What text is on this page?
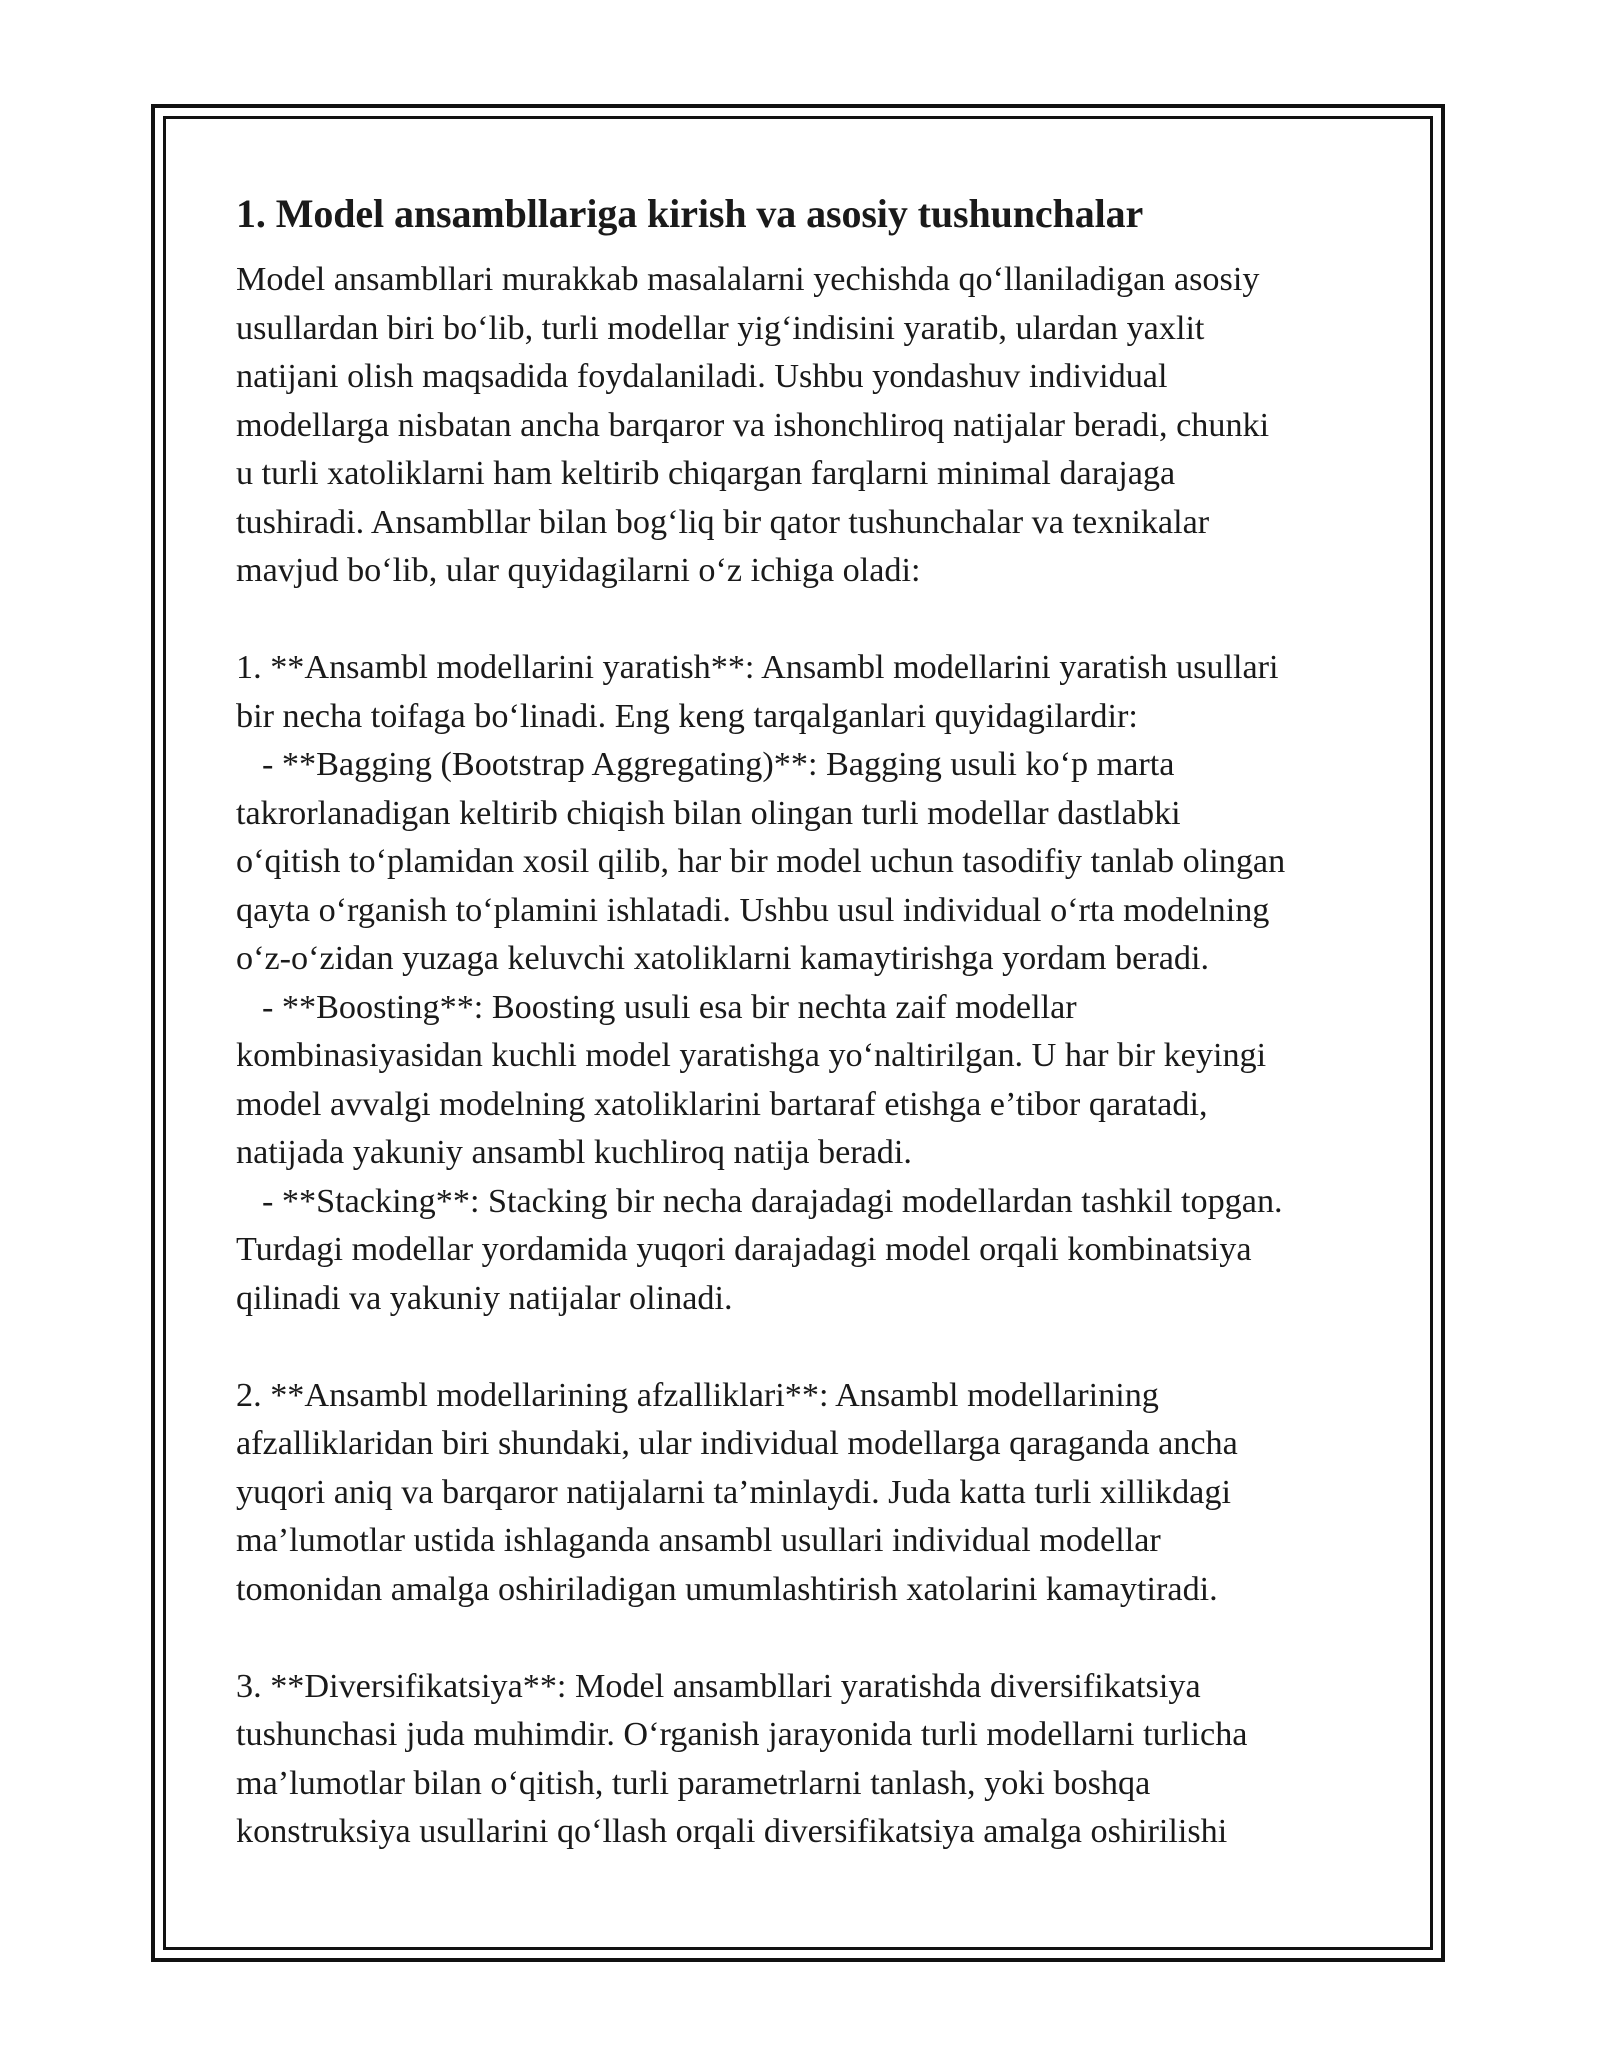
1. Model ansambllariga kirish va asosiy tushunchalar

Model ansambllari murakkab masalalarni yechishda qo‘llaniladigan asosiy
usullardan biri bo‘lib, turli modellar yig‘indisini yaratib, ulardan yaxlit
natijani olish maqsadida foydalaniladi. Ushbu yondashuv individual
modellarga nisbatan ancha barqaror va ishonchliroq natijalar beradi, chunki
u turli xatoliklarni ham keltirib chiqargan farqlarni minimal darajaga
tushiradi. Ansambllar bilan bog‘liq bir qator tushunchalar va texnikalar
mavjud bo‘lib, ular quyidagilarni o‘z ichiga oladi:

1. **Ansambl modellarini yaratish**: Ansambl modellarini yaratish usullari
bir necha toifaga bo‘linadi. Eng keng tarqalganlari quyidagilardir:
- **Bagging (Bootstrap Aggregating)**: Bagging usuli ko‘p marta
takrorlanadigan keltirib chiqish bilan olingan turli modellar dastlabki
o‘qitish to‘plamidan xosil qilib, har bir model uchun tasodifiy tanlab olingan
qayta o‘rganish to‘plamini ishlatadi. Ushbu usul individual o‘rta modelning
o‘z-o‘zidan yuzaga keluvchi xatoliklarni kamaytirishga yordam beradi.
- **Boosting**: Boosting usuli esa bir nechta zaif modellar
kombinasiyasidan kuchli model yaratishga yo‘naltirilgan. U har bir keyingi
model avvalgi modelning xatoliklarini bartaraf etishga e’tibor qaratadi,
natijada yakuniy ansambl kuchliroq natija beradi.
- **Stacking**: Stacking bir necha darajadagi modellardan tashkil topgan.
Turdagi modellar yordamida yuqori darajadagi model orqali kombinatsiya
qilinadi va yakuniy natijalar olinadi.

2. **Ansambl modellarining afzalliklari**: Ansambl modellarining
afzalliklaridan biri shundaki, ular individual modellarga qaraganda ancha
yuqori aniq va barqaror natijalarni ta’minlaydi. Juda katta turli xillikdagi
ma’lumotlar ustida ishlaganda ansambl usullari individual modellar
tomonidan amalga oshiriladigan umumlashtirish xatolarini kamaytiradi.

3. **Diversifikatsiya**: Model ansambllari yaratishda diversifikatsiya
tushunchasi juda muhimdir. O‘rganish jarayonida turli modellarni turlicha
ma’lumotlar bilan o‘qitish, turli parametrlarni tanlash, yoki boshqa
konstruksiya usullarini qo‘llash orqali diversifikatsiya amalga oshirilishi
